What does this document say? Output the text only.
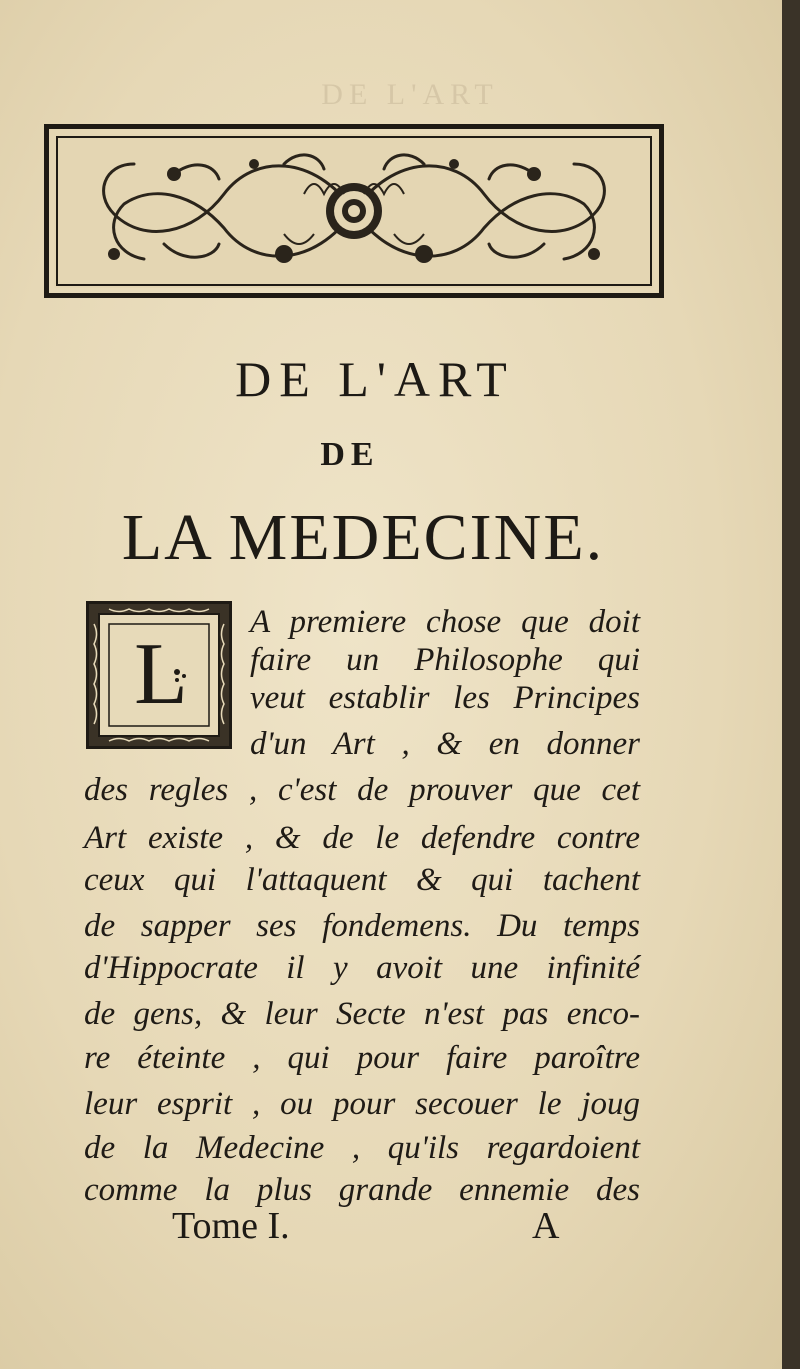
DE L'ART
DE L'ART
DE
LA MEDECINE.
L
A premiere chose que doit
faire un Philosophe qui
veut establir les Principes
d'un Art , & en donner
des regles , c'est de prouver que cet
Art existe , & de le defendre contre
ceux qui l'attaquent & qui tachent
de sapper ses fondemens. Du temps
d'Hippocrate il y avoit une infinité
de gens, & leur Secte n'est pas enco-
re éteinte , qui pour faire paroître
leur esprit , ou pour secouer le joug
de la Medecine , qu'ils regardoient
comme la plus grande ennemie des
Tome I.	A
